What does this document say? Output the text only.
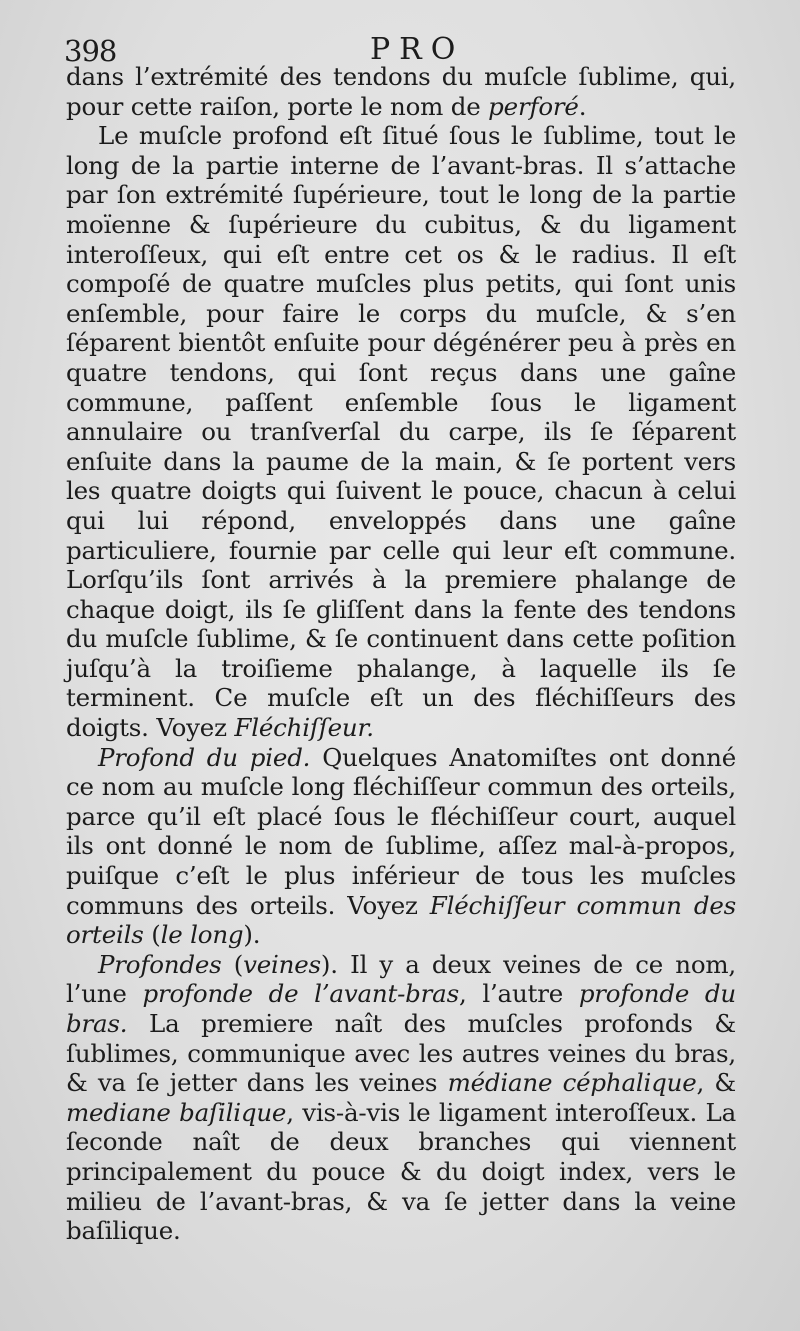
398	PRO

dans l’extrémité des tendons du muſcle ſublime, qui, pour cette raiſon, porte le nom de perforé.

Le muſcle profond eſt ſitué ſous le ſublime, tout le long de la partie interne de l’avant-bras. Il s’attache par ſon extrémité ſupérieure, tout le long de la partie moïenne & ſupérieure du cubitus, & du ligament interoſſeux, qui eſt entre cet os & le radius. Il eſt compoſé de quatre muſcles plus petits, qui ſont unis enſemble, pour faire le corps du muſcle, & s’en ſéparent bientôt enſuite pour dégénérer peu à près en quatre tendons, qui ſont reçus dans une gaîne commune, paſſent enſemble ſous le ligament annulaire ou tranſverſal du carpe, ils ſe ſéparent enſuite dans la paume de la main, & ſe portent vers les quatre doigts qui ſuivent le pouce, chacun à celui qui lui répond, enveloppés dans une gaîne particuliere, fournie par celle qui leur eſt commune. Lorſqu’ils ſont arrivés à la premiere phalange de chaque doigt, ils ſe gliſſent dans la fente des tendons du muſcle ſublime, & ſe continuent dans cette poſition juſqu’à la troiſieme phalange, à laquelle ils ſe terminent. Ce muſcle eſt un des fléchiſſeurs des doigts. Voyez Fléchiſſeur.

Profond du pied. Quelques Anatomiſtes ont donné ce nom au muſcle long fléchiſſeur commun des orteils, parce qu’il eſt placé ſous le fléchiſſeur court, auquel ils ont donné le nom de ſublime, aſſez mal-à-propos, puiſque c’eſt le plus inférieur de tous les muſcles communs des orteils. Voyez Fléchiſſeur commun des orteils (le long).

Profondes (veines). Il y a deux veines de ce nom, l’une profonde de l’avant-bras, l’autre profonde du bras. La premiere naît des muſcles profonds & ſublimes, communique avec les autres veines du bras, & va ſe jetter dans les veines médiane céphalique, & mediane baſilique, vis-à-vis le ligament interoſſeux. La ſeconde naît de deux branches qui viennent principalement du pouce & du doigt index, vers le milieu de l’avant-bras, & va ſe jetter dans la veine baſilique.
